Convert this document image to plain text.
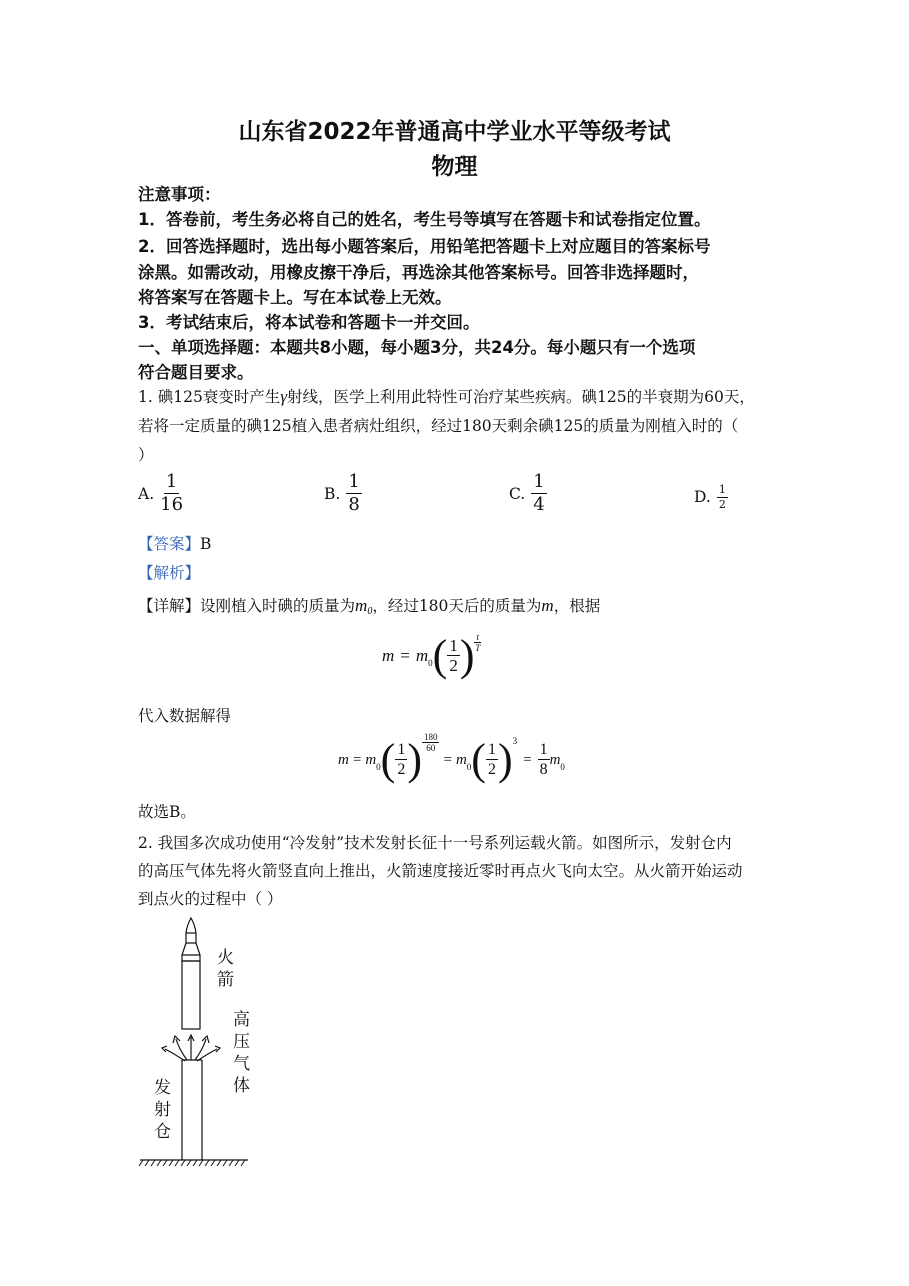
山东省2022年普通高中学业水平等级考试
物理
注意事项：
1．答卷前，考生务必将自己的姓名，考生号等填写在答题卡和试卷指定位置。
2．回答选择题时，选出每小题答案后，用铅笔把答题卡上对应题目的答案标号
涂黑。如需改动，用橡皮擦干净后，再选涂其他答案标号。回答非选择题时，
将答案写在答题卡上。写在本试卷上无效。
3．考试结束后，将本试卷和答题卡一并交回。
一、单项选择题：本题共8小题，每小题3分，共24分。每小题只有一个选项
符合题目要求。
1. 碘125衰变时产生γ射线，医学上利用此特性可治疗某些疾病。碘125的半衰期为60天，
若将一定质量的碘125植入患者病灶组织，经过180天剩余碘125的质量为刚植入时的（
）
A. $\frac{1}{16}$	B. $\frac{1}{8}$	C. $\frac{1}{4}$	D. $\frac{1}{2}$
【答案】B
【解析】
【详解】设刚植入时碘的质量为m0，经过180天后的质量为m，根据
m = m 0 ( $\frac{1}{2}$ ) $\frac{t}{T}$
代入数据解得
m = m 0 ( $\frac{1}{2}$ ) $\frac{180}{60}$
= m 0 ( $\frac{1}{2}$ ) 3
= $\frac{1}{8}$ m 0
故选B。
2. 我国多次成功使用“冷发射”技术发射长征十一号系列运载火箭。如图所示，发射仓内
的高压气体先将火箭竖直向上推出，火箭速度接近零时再点火飞向太空。从火箭开始运动
到点火的过程中（ ）
火
箭
高
压
气
体
发
射
仓
